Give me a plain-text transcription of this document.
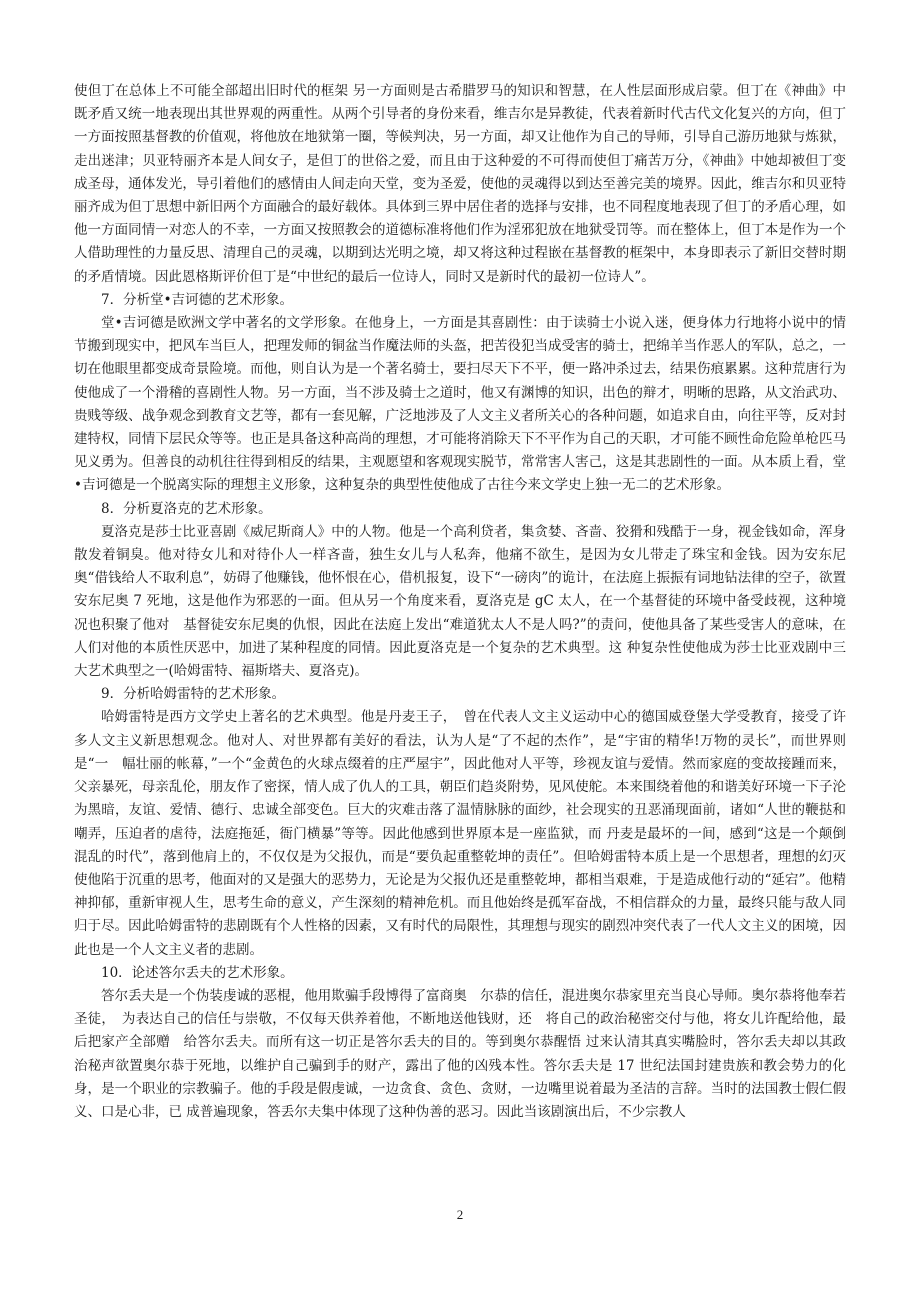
使但丁在总体上不可能全部超出旧时代的框架 另一方面则是古希腊罗马的知识和智慧，在人性层面形成启蒙。但丁在《神曲》中既矛盾又统一地表现出其世界观的两重性。从两个引导者的身份来看，维吉尔是异教徒，代表着新时代古代文化复兴的方向，但丁一方面按照基督教的价值观，将他放在地狱第一圈，等候判决，另一方面，却又让他作为自己的导师，引导自己游历地狱与炼狱，走出迷津；贝亚特丽齐本是人间女子，是但丁的世俗之爱，而且由于这种爱的不可得而使但丁痛苦万分，《神曲》中她却被但丁变成圣母，通体发光，导引着他们的感情由人间走向天堂，变为圣爱，使他的灵魂得以到达至善完美的境界。因此，维吉尔和贝亚特丽齐成为但丁思想中新旧两个方面融合的最好载体。具体到三界中居住者的选择与安排，也不同程度地表现了但丁的矛盾心理，如他一方面同情一对恋人的不幸，一方面又按照教会的道德标准将他们作为淫邪犯放在地狱受罚等。而在整体上，但丁本是作为一个人借助理性的力量反思、清理自己的灵魂，以期到达光明之境，却又将这种过程嵌在基督教的框架中，本身即表示了新旧交替时期的矛盾情境。因此恩格斯评价但丁是“中世纪的最后一位诗人，同时又是新时代的最初一位诗人”。

7．分析堂•吉诃德的艺术形象。

堂•吉诃德是欧洲文学中著名的文学形象。在他身上，一方面是其喜剧性：由于读骑士小说入迷，便身体力行地将小说中的情节搬到现实中，把风车当巨人，把理发师的铜盆当作魔法师的头盔，把苦役犯当成受害的骑士，把绵羊当作恶人的军队，总之，一切在他眼里都变成奇景险境。而他，则自认为是一个著名骑士，要扫尽天下不平，便一路冲杀过去，结果伤痕累累。这种荒唐行为使他成了一个滑稽的喜剧性人物。另一方面，当不涉及骑士之道时，他又有渊博的知识，出色的辩才，明晰的思路，从文治武功、贵贱等级、战争观念到教育文艺等，都有一套见解，广泛地涉及了人文主义者所关心的各种问题，如追求自由，向往平等，反对封建特权，同情下层民众等等。也正是具备这种高尚的理想，才可能将消除天下不平作为自己的天职，才可能不顾性命危险单枪匹马见义勇为。但善良的动机往往得到相反的结果，主观愿望和客观现实脱节，常常害人害己，这是其悲剧性的一面。从本质上看，堂•吉诃德是一个脱离实际的理想主义形象，这种复杂的典型性使他成了古往今来文学史上独一无二的艺术形象。

8．分析夏洛克的艺术形象。

夏洛克是莎士比亚喜剧《威尼斯商人》中的人物。他是一个高利贷者，集贪婪、吝啬、狡猾和残酷于一身，视金钱如命，浑身散发着铜臭。他对待女儿和对待仆人一样吝啬，独生女儿与人私奔，他痛不欲生，是因为女儿带走了珠宝和金钱。因为安东尼奥“借钱给人不取利息”，妨碍了他赚钱，他怀恨在心，借机报复，设下“一磅肉”的诡计，在法庭上振振有词地钻法律的空子，欲置安东尼奥 7 死地，这是他作为邪恶的一面。但从另一个角度来看，夏洛克是 gC 太人，在一个基督徒的环境中备受歧视，这种境况也积聚了他对　基督徒安东尼奥的仇恨，因此在法庭上发出“难道犹太人不是人吗?”的责问，使他具备了某些受害人的意味，在人们对他的本质性厌恶中，加进了某种程度的同情。因此夏洛克是一个复杂的艺术典型。这 种复杂性使他成为莎士比亚戏剧中三大艺术典型之一(哈姆雷特、福斯塔夫、夏洛克)。

9．分析哈姆雷特的艺术形象。

哈姆雷特是西方文学史上著名的艺术典型。他是丹麦王子，　曾在代表人文主义运动中心的德国威登堡大学受教育，接受了许多人文主义新思想观念。他对人、对世界都有美好的看法，认为人是“了不起的杰作”，是“宇宙的精华!万物的灵长”，而世界则是“一　幅壮丽的帐幕，”一个“金黄色的火球点缀着的庄严屋宇”，因此他对人平等，珍视友谊与爱情。然而家庭的变故接踵而来，父亲暴死，母亲乱伦，朋友作了密探，情人成了仇人的工具，朝臣们趋炎附势，见风使舵。本来围绕着他的和谐美好环境一下子沦为黑暗，友谊、爱情、德行、忠诚全部变色。巨大的灾难击落了温情脉脉的面纱，社会现实的丑恶涌现面前，诸如“人世的鞭挞和嘲弄，压迫者的虐待，法庭拖延，衙门横暴”等等。因此他感到世界原本是一座监狱，而 丹麦是最坏的一间，感到“这是一个颠倒混乱的时代”，落到他肩上的，不仅仅是为父报仇，而是“要负起重整乾坤的责任”。但哈姆雷特本质上是一个思想者，理想的幻灭使他陷于沉重的思考，他面对的又是强大的恶势力，无论是为父报仇还是重整乾坤，都相当艰难，于是造成他行动的“延宕”。他精神抑郁，重新审视人生，思考生命的意义，产生深刻的精神危机。而且他始终是孤军奋战，不相信群众的力量，最终只能与敌人同归于尽。因此哈姆雷特的悲剧既有个人性格的因素，又有时代的局限性，其理想与现实的剧烈冲突代表了一代人文主义的困境，因此也是一个人文主义者的悲剧。

10．论述答尔丢夫的艺术形象。

答尔丢夫是一个伪装虔诚的恶棍，他用欺骗手段博得了富商奥　尔恭的信任，混进奥尔恭家里充当良心导师。奥尔恭将他奉若圣徒，　为表达自己的信任与崇敬，不仅每天供养着他，不断地送他钱财，还　将自己的政治秘密交付与他，将女儿许配给他，最后把家产全部赠　给答尔丢夫。而所有这一切正是答尔丢夫的目的。等到奥尔恭醒悟 过来认清其真实嘴脸时，答尔丢夫却以其政治秘声欲置奥尔恭于死地，以维护自己骗到手的财产，露出了他的凶残本性。答尔丢夫是 17 世纪法国封建贵族和教会势力的化身，是一个职业的宗教骗子。他的手段是假虔诚，一边贪食、贪色、贪财，一边嘴里说着最为圣洁的言辞。当时的法国教士假仁假义、口是心非，已 成普遍现象，答丢尔夫集中体现了这种伪善的恶习。因此当该剧演出后，不少宗教人

2
